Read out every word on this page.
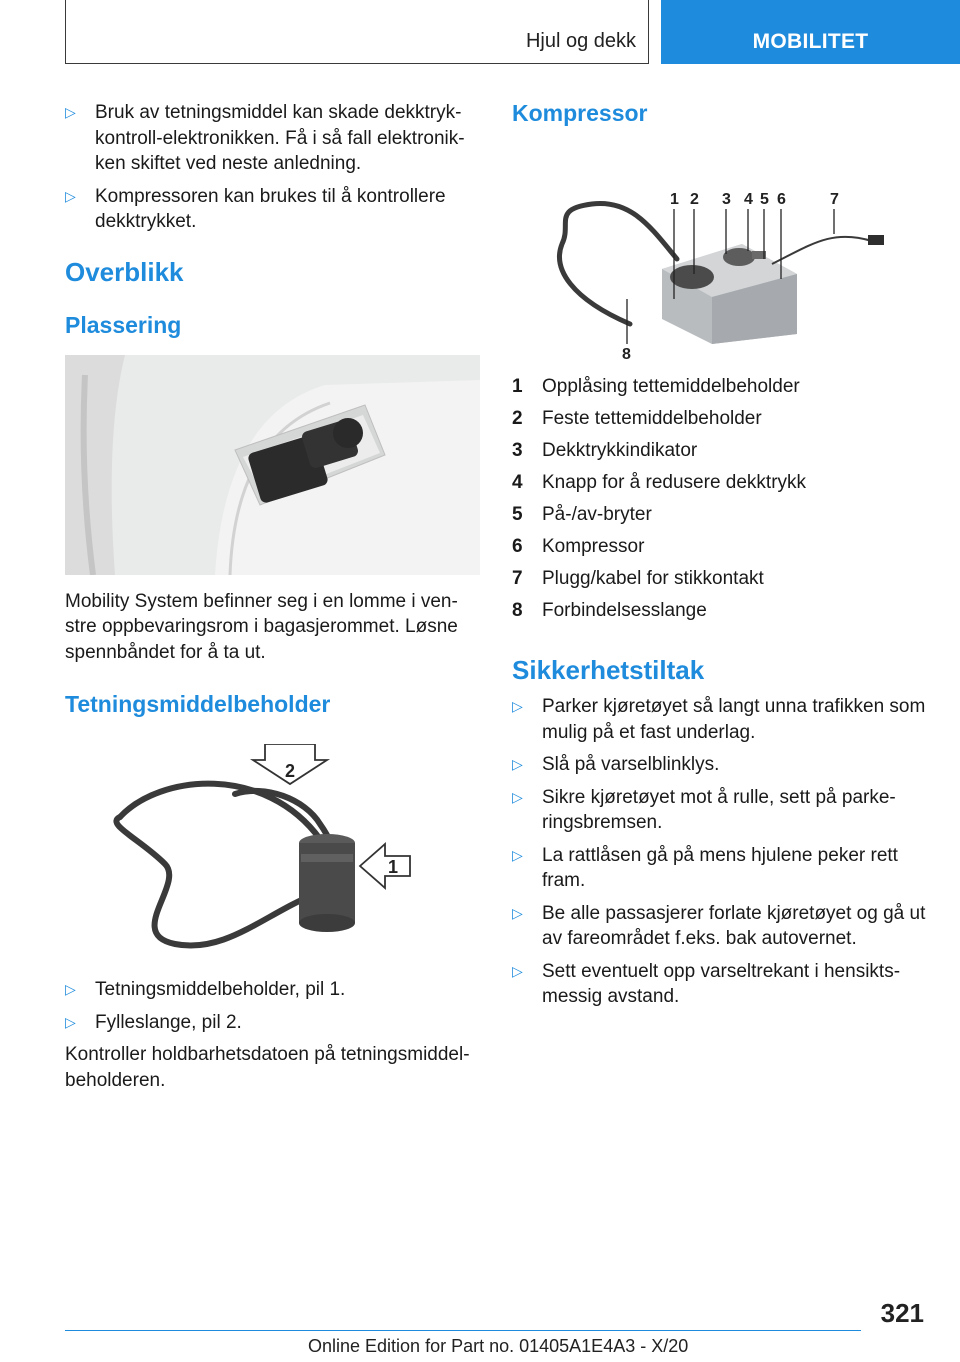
Hjul og dekk	MOBILITET
▷ Bruk av tetningsmiddel kan skade dekktryk-kontroll-elektronikken. Få i så fall elektronik-ken skiftet ved neste anledning.
▷ Kompressoren kan brukes til å kontrollere dekktrykket.
Overblikk
Plassering
Mobility System befinner seg i en lomme i ven-stre oppbevaringsrom i bagasjerommet. Løsne spennbåndet for å ta ut.
Tetningsmiddelbeholder
2
1
▷ Tetningsmiddelbeholder, pil 1.
▷ Fylleslange, pil 2.
Kontroller holdbarhetsdatoen på tetningsmiddel-beholderen.
Kompressor
1 2 3 4 5 6	7
8
1 Opplåsing tettemiddelbeholder
2 Feste tettemiddelbeholder
3 Dekktrykkindikator
4 Knapp for å redusere dekktrykk
5 På-/av-bryter
6 Kompressor
7 Plugg/kabel for stikkontakt
8 Forbindelsesslange
Sikkerhetstiltak
▷ Parker kjøretøyet så langt unna trafikken som mulig på et fast underlag.
▷ Slå på varselblinklys.
▷ Sikre kjøretøyet mot å rulle, sett på parke-ringsbremsen.
▷ La rattlåsen gå på mens hjulene peker rett fram.
▷ Be alle passasjerer forlate kjøretøyet og gå ut av fareområdet f.eks. bak autovernet.
▷ Sett eventuelt opp varseltrekant i hensikts-messig avstand.
321
Online Edition for Part no. 01405A1E4A3 - X/20
